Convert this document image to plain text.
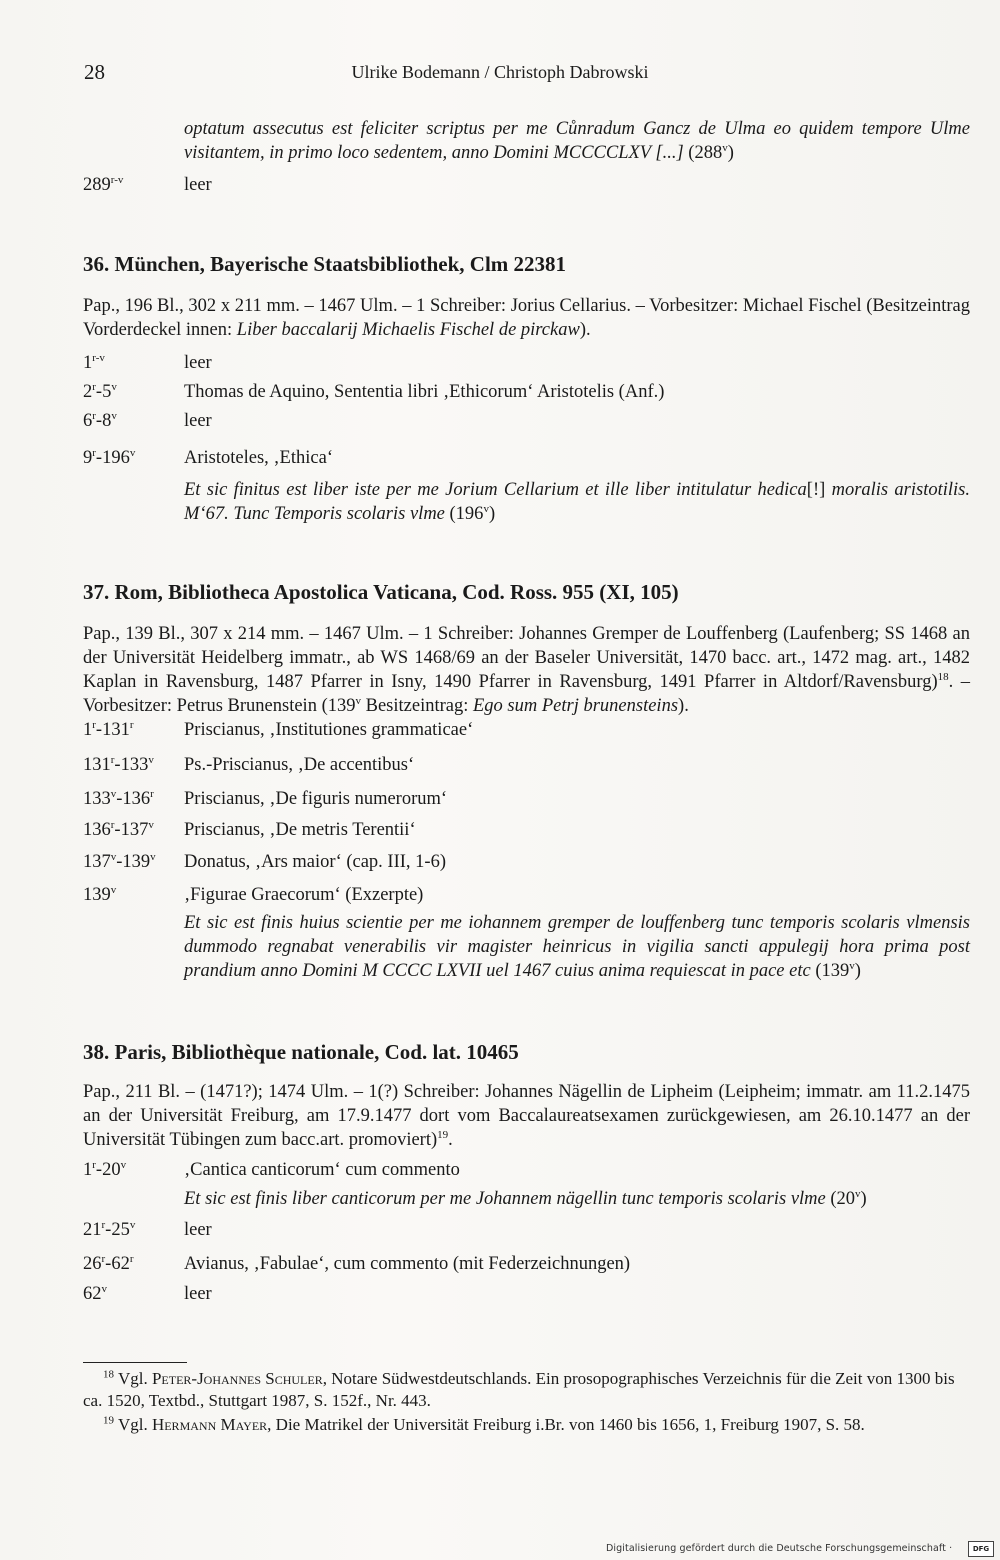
28	Ulrike Bodemann / Christoph Dabrowski
optatum assecutus est feliciter scriptus per me Cůnradum Gancz de Ulma eo quidem tempore Ulme visitantem, in primo loco sedentem, anno Domini MCCCCLXV [...] (288$^v$)
289$^{r-v}$	leer
36. München, Bayerische Staatsbibliothek, Clm 22381
Pap., 196 Bl., 302 x 211 mm. – 1467 Ulm. – 1 Schreiber: Jorius Cellarius. – Vorbesitzer: Michael Fischel (Besitzeintrag Vorderdeckel innen: Liber baccalarij Michaelis Fischel de pirckaw).
1$^{r-v}$	leer
2$^r$-5$^v$	Thomas de Aquino, Sententia libri ‚Ethicorum‘ Aristotelis (Anf.)
6$^r$-8$^v$	leer
9$^r$-196$^v$	Aristoteles, ‚Ethica‘
Et sic finitus est liber iste per me Jorium Cellarium et ille liber intitulatur hedica[!] moralis aristotilis. M‘67. Tunc Temporis scolaris vlme (196$^v$)
37. Rom, Bibliotheca Apostolica Vaticana, Cod. Ross. 955 (XI, 105)
Pap., 139 Bl., 307 x 214 mm. – 1467 Ulm. – 1 Schreiber: Johannes Gremper de Louffenberg (Laufenberg; SS 1468 an der Universität Heidelberg immatr., ab WS 1468/69 an der Baseler Universität, 1470 bacc. art., 1472 mag. art., 1482 Kaplan in Ravensburg, 1487 Pfarrer in Isny, 1490 Pfarrer in Ravensburg, 1491 Pfarrer in Altdorf/Ravensburg)$^{18}$. – Vorbesitzer: Petrus Brunenstein (139$^v$ Besitzeintrag: Ego sum Petrj brunensteins).
1$^r$-131$^r$	Priscianus, ‚Institutiones grammaticae‘
131$^r$-133$^v$	Ps.-Priscianus, ‚De accentibus‘
133$^v$-136$^r$	Priscianus, ‚De figuris numerorum‘
136$^r$-137$^v$	Priscianus, ‚De metris Terentii‘
137$^v$-139$^v$	Donatus, ‚Ars maior‘ (cap. III, 1-6)
139$^v$	‚Figurae Graecorum‘ (Exzerpte)
Et sic est finis huius scientie per me iohannem gremper de louffenberg tunc temporis scolaris vlmensis dummodo regnabat venerabilis vir magister heinricus in vigilia sancti appulegij hora prima post prandium anno Domini M CCCC LXVII uel 1467 cuius anima requiescat in pace etc (139$^v$)
38. Paris, Bibliothèque nationale, Cod. lat. 10465
Pap., 211 Bl. – (1471?); 1474 Ulm. – 1(?) Schreiber: Johannes Nägellin de Lipheim (Leipheim; immatr. am 11.2.1475 an der Universität Freiburg, am 17.9.1477 dort vom Baccalaureatsexamen zurückgewiesen, am 26.10.1477 an der Universität Tübingen zum bacc.art. promoviert)$^{19}$.
1$^r$-20$^v$	‚Cantica canticorum‘ cum commento
Et sic est finis liber canticorum per me Johannem nägellin tunc temporis scolaris vlme (20$^v$)
21$^r$-25$^v$	leer
26$^r$-62$^r$	Avianus, ‚Fabulae‘, cum commento (mit Federzeichnungen)
62$^v$	leer
$^{18}$ Vgl. Peter-Johannes Schuler, Notare Südwestdeutschlands. Ein prosopographisches Verzeichnis für die Zeit von 1300 bis ca. 1520, Textbd., Stuttgart 1987, S. 152f., Nr. 443.
$^{19}$ Vgl. Hermann Mayer, Die Matrikel der Universität Freiburg i.Br. von 1460 bis 1656, 1, Freiburg 1907, S. 58.
Digitalisierung gefördert durch die Deutsche Forschungsgemeinschaft ·	DFG
